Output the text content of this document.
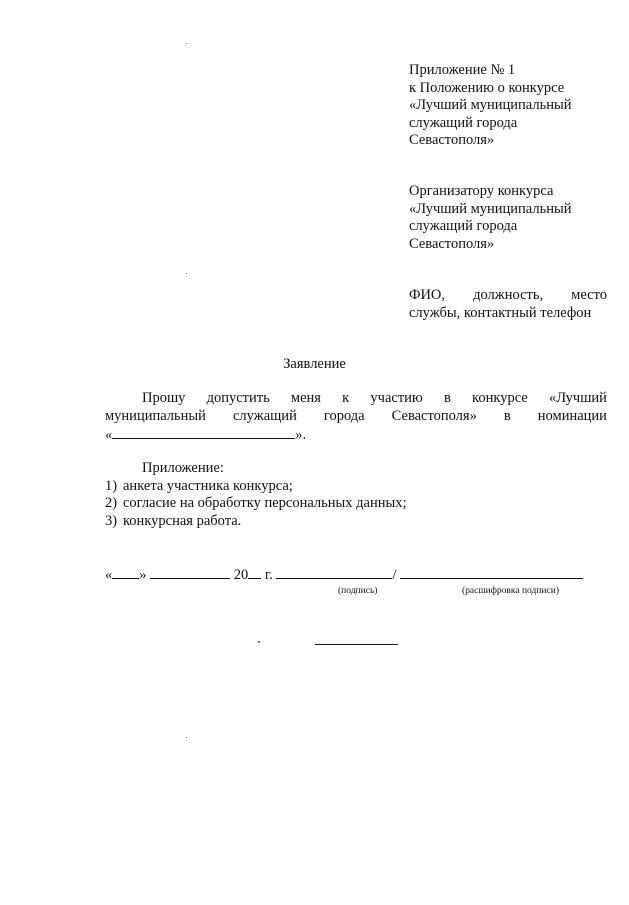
Приложение № 1
к Положению о конкурсе
«Лучший муниципальный
служащий города
Севастополя»
Организатору конкурса
«Лучший муниципальный
служащий города
Севастополя»
ФИО, должность, место
службы, контактный телефон
Заявление
Прошу допустить меня к участию в конкурсе «Лучший
муниципальный служащий города Севастополя» в номинации
«	».
Приложение:
1) анкета участника конкурса;
2) согласие на обработку персональных данных;
3) конкурсная работа.
« »	20 г.	/
(подпись)	(расшифровка подписи)
